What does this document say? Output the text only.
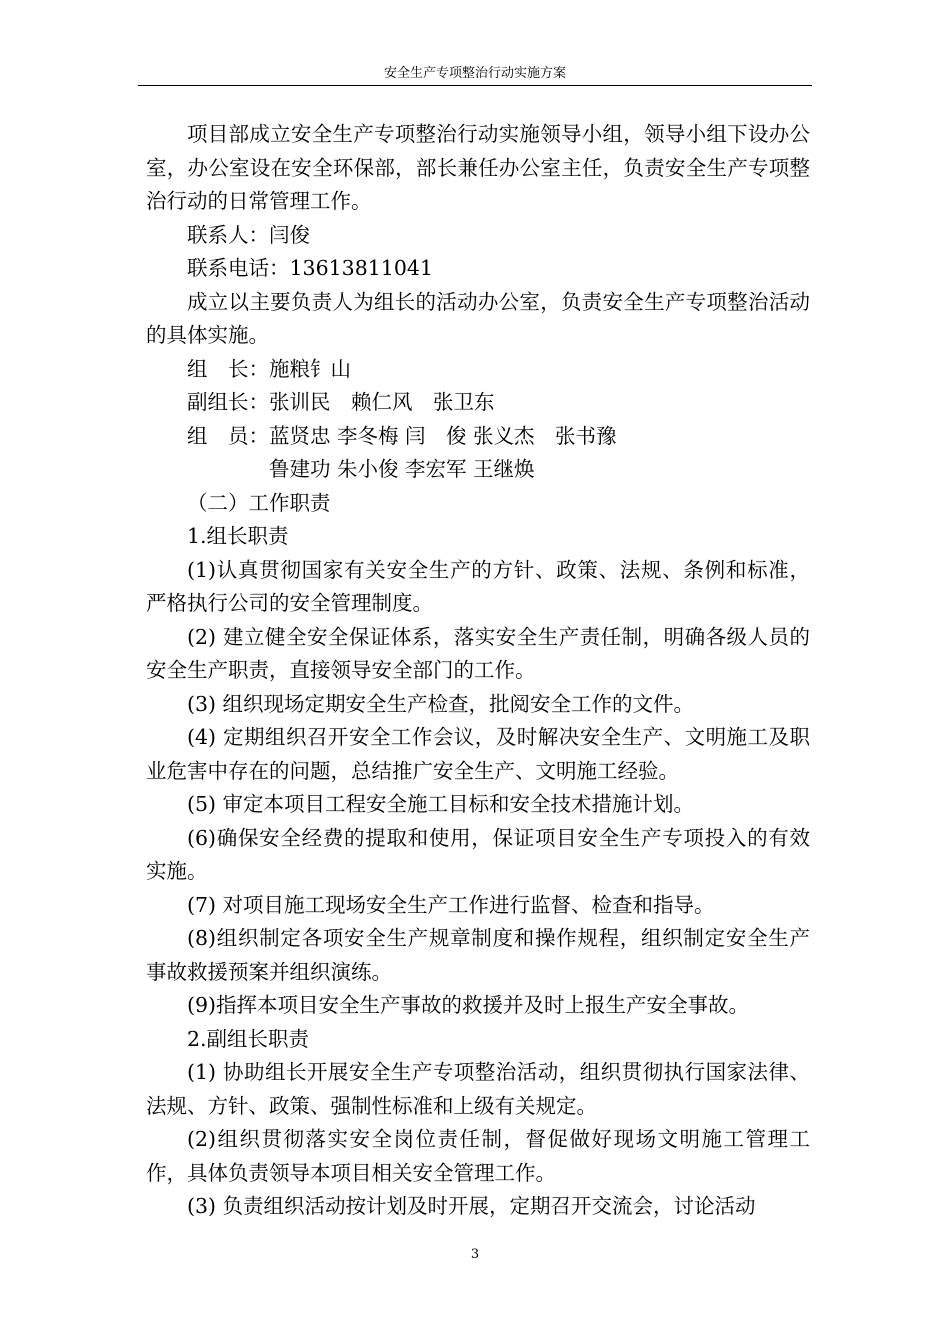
安全生产专项整治行动实施方案

项目部成立安全生产专项整治行动实施领导小组，领导小组下设办公室，办公室设在安全环保部，部长兼任办公室主任，负责安全生产专项整治行动的日常管理工作。

联系人：闫俊

联系电话：13613811041

成立以主要负责人为组长的活动办公室，负责安全生产专项整治活动的具体实施。

组　长：施粮钅山

副组长：张训民　赖仁风　张卫东

组　员：蓝贤忠 李冬梅 闫　俊 张义杰　张书豫

　　　　鲁建功 朱小俊 李宏军 王继焕

（二）工作职责

1.组长职责

(1)认真贯彻国家有关安全生产的方针、政策、法规、条例和标准，严格执行公司的安全管理制度。

(2) 建立健全安全保证体系，落实安全生产责任制，明确各级人员的安全生产职责，直接领导安全部门的工作。

(3) 组织现场定期安全生产检查，批阅安全工作的文件。

(4) 定期组织召开安全工作会议，及时解决安全生产、文明施工及职业危害中存在的问题，总结推广安全生产、文明施工经验。

(5) 审定本项目工程安全施工目标和安全技术措施计划。

(6)确保安全经费的提取和使用，保证项目安全生产专项投入的有效实施。

(7) 对项目施工现场安全生产工作进行监督、检查和指导。

(8)组织制定各项安全生产规章制度和操作规程，组织制定安全生产事故救援预案并组织演练。

(9)指挥本项目安全生产事故的救援并及时上报生产安全事故。

2.副组长职责

(1) 协助组长开展安全生产专项整治活动，组织贯彻执行国家法律、法规、方针、政策、强制性标准和上级有关规定。

(2)组织贯彻落实安全岗位责任制，督促做好现场文明施工管理工作，具体负责领导本项目相关安全管理工作。

(3) 负责组织活动按计划及时开展，定期召开交流会，讨论活动

3
